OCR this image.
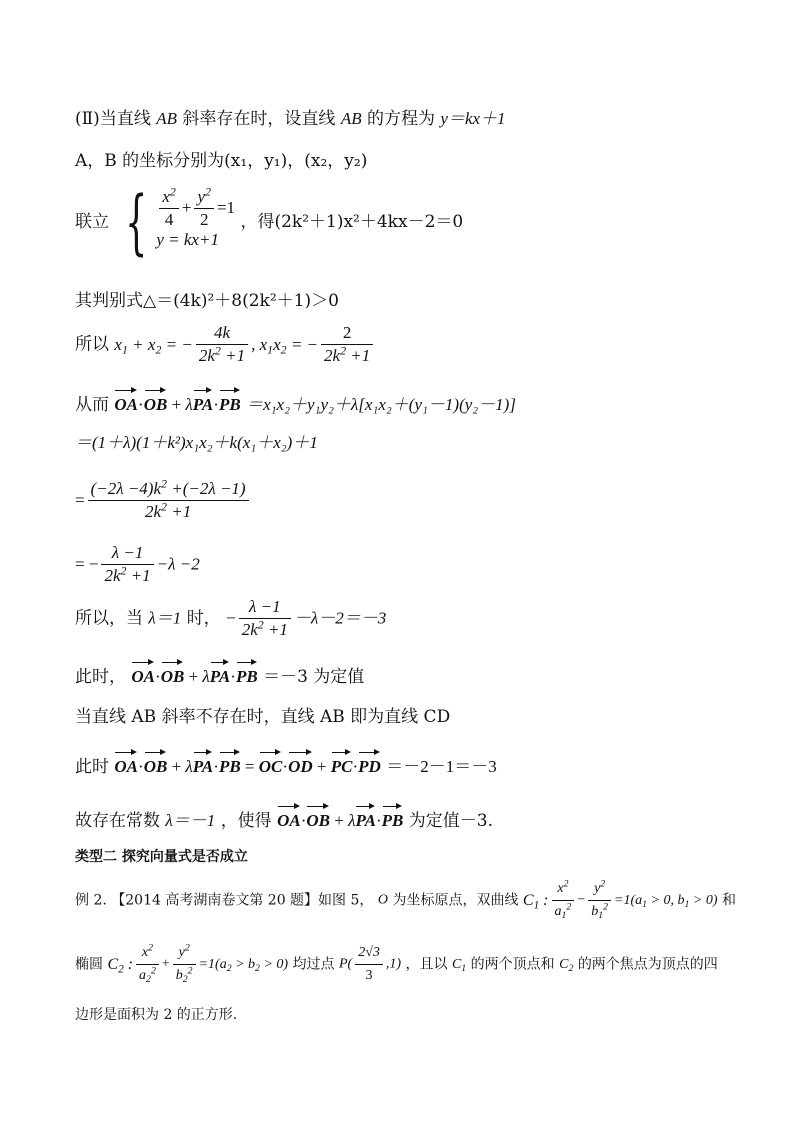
(Ⅱ)当直线 AB 斜率存在时，设直线 AB 的方程为 y＝kx＋1
A，B 的坐标分别为(x₁，y₁)，(x₂，y₂)
联立 { $\frac{x^2}{4} + \frac{y^2}{2} =1$
y = kx+1
，得(2k²＋1)x²＋4kx－2＝0
其判别式△＝(4k)²＋8(2k²＋1)＞0
所以 $x_1 + x_2$ = − $\frac{4k}{2k^2 +1}$ , $x_1x_2$ = − $\frac{2}{2k^2 +1}$
从而 OA·OB + λPA·PB ＝x₁x₂＋y₁y₂＋λ[x₁x₂＋(y₁－1)(y₂－1)]
＝(1＋λ)(1＋k²)x₁x₂＋k(x₁＋x₂)＋1
= $\frac{(-2\lambda -4)k^2 +(-2\lambda -1)}{2k^2 +1}$
= − $\frac{\lambda -1}{2k^2 +1} -\lambda -2$
所以，当 λ＝1 时， − $\frac{\lambda -1}{2k^2 +1} -\lambda-2=-3$
此时， OA·OB + λPA·PB ＝－3 为定值
当直线 AB 斜率不存在时，直线 AB 即为直线 CD
此时 OA·OB + λPA·PB = OC·OD + PC·PD ＝－2－1＝－3
故存在常数 λ＝－1 ，使得 OA·OB + λPA·PB 为定值－3.
类型二 探究向量式是否成立
例 2. 【2014 高考湖南卷文第 20 题】如图 5， O 为坐标原点，双曲线 $C_1$ : $\frac{x^2}{a_1^2} - \frac{y^2}{b_1^2} =1(a_1 > 0$, $b_1 > 0$) 和
椭圆 $C_2$ : $\frac{x^2}{a_2^2} + \frac{y^2}{b_2^2} =1(a_2 > b_2 > 0)$ 均过点 $P( \frac{2√3}{3} ,1)$ ，且以 $C_1$ 的两个顶点和 $C_2$ 的两个焦点为顶点的四
边形是面积为 2 的正方形.
